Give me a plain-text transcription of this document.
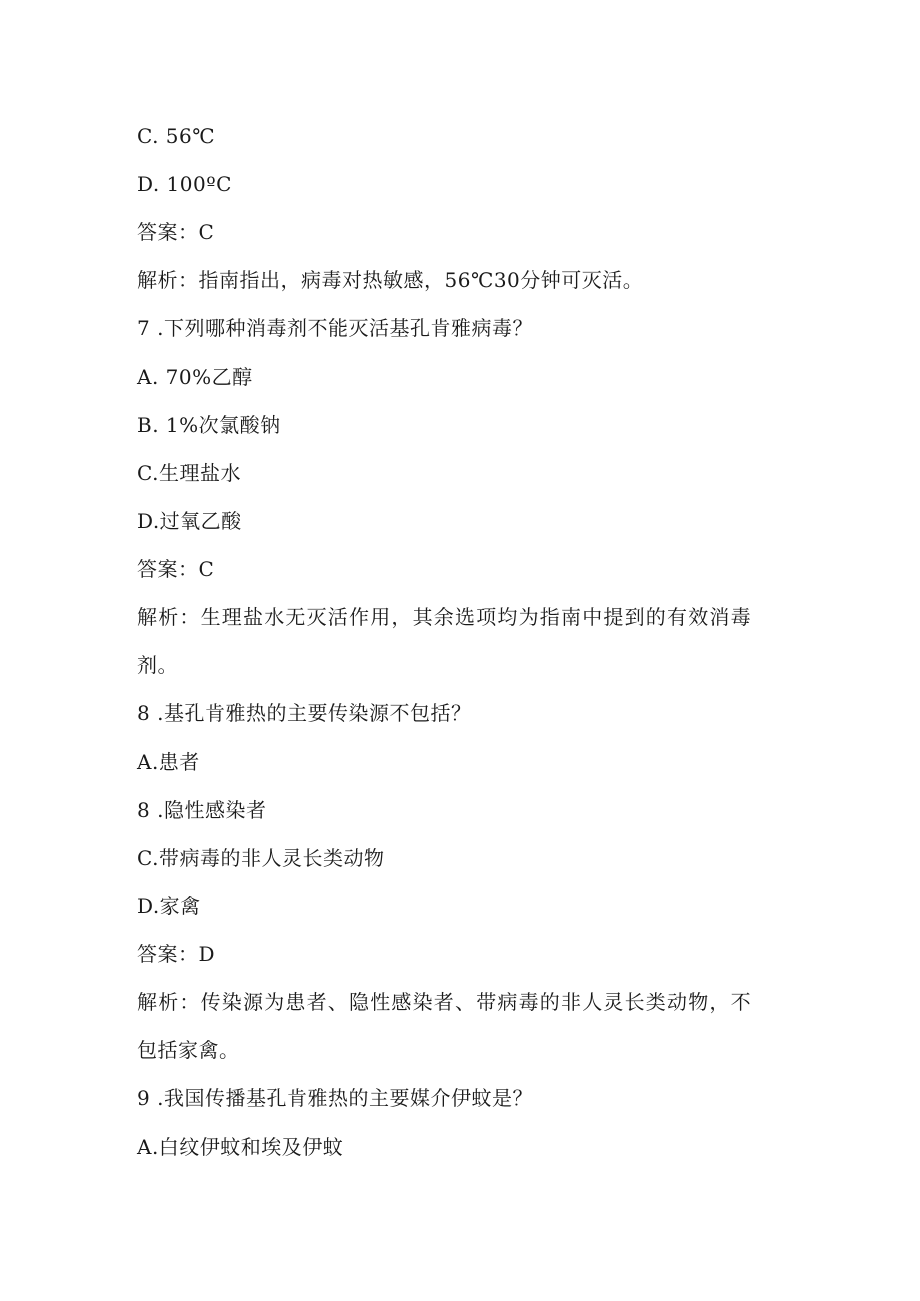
C. 56℃
D. 100ºC
答案：C
解析：指南指出，病毒对热敏感，56℃30分钟可灭活。
7 .下列哪种消毒剂不能灭活基孔肯雅病毒？
A. 70%乙醇
B. 1%次氯酸钠
C.生理盐水
D.过氧乙酸
答案：C
解析：生理盐水无灭活作用，其余选项均为指南中提到的有效消毒
剂。
8 .基孔肯雅热的主要传染源不包括？
A.患者
8 .隐性感染者
C.带病毒的非人灵长类动物
D.家禽
答案：D
解析：传染源为患者、隐性感染者、带病毒的非人灵长类动物，不
包括家禽。
9 .我国传播基孔肯雅热的主要媒介伊蚊是？
A.白纹伊蚊和埃及伊蚊
